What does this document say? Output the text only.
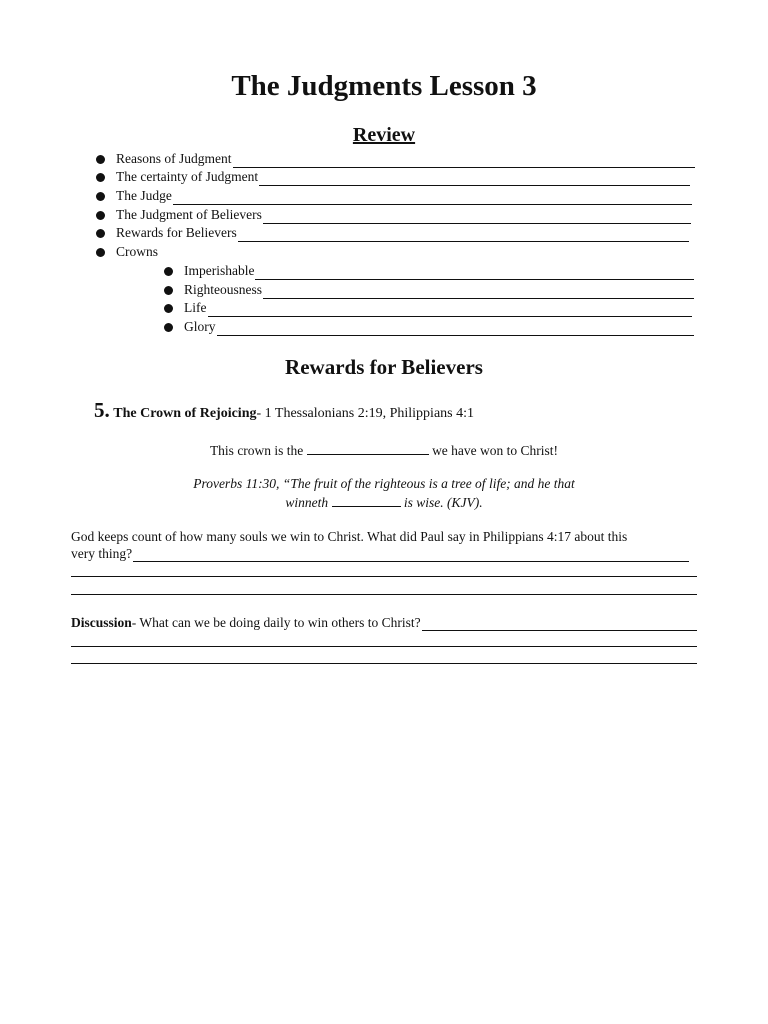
The Judgments Lesson 3
Review
Reasons of Judgment
The certainty of Judgment
The Judge
The Judgment of Believers
Rewards for Believers
Crowns
Imperishable
Righteousness
Life
Glory
Rewards for Believers
5. The Crown of Rejoicing- 1 Thessalonians 2:19, Philippians 4:1
This crown is the	we have won to Christ!
Proverbs 11:30, “The fruit of the righteous is a tree of life; and he that
winneth	is wise. (KJV).
God keeps count of how many souls we win to Christ. What did Paul say in Philippians 4:17 about this
very thing?
Discussion- What can we be doing daily to win others to Christ?
